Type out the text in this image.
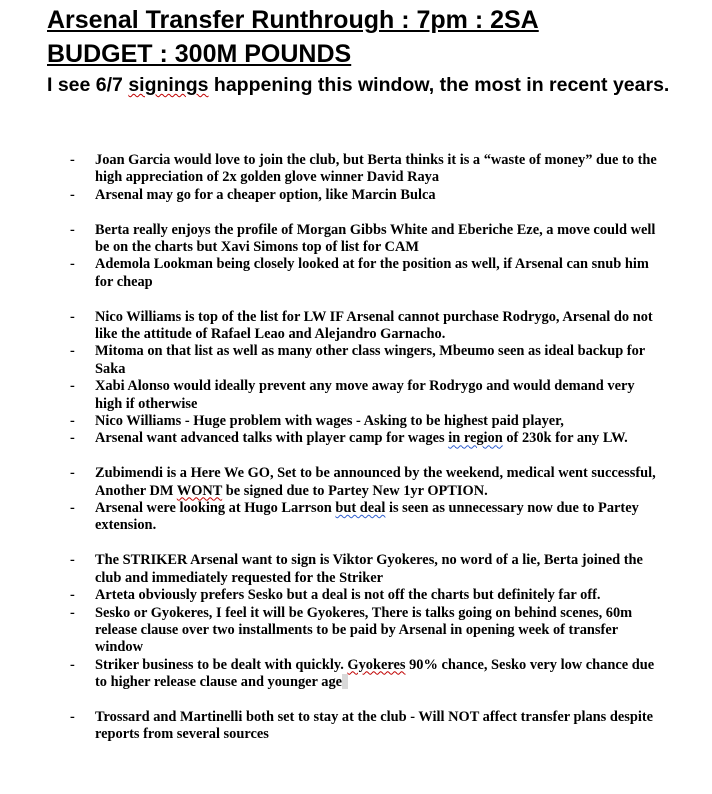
Arsenal Transfer Runthrough : 7pm : 2SA
BUDGET : 300M POUNDS

I see 6/7 signings happening this window, the most in recent years.

- Joan Garcia would love to join the club, but Berta thinks it is a “waste of money” due to the high appreciation of 2x golden glove winner David Raya
- Arsenal may go for a cheaper option, like Marcin Bulca
- Berta really enjoys the profile of Morgan Gibbs White and Eberiche Eze, a move could well be on the charts but Xavi Simons top of list for CAM
- Ademola Lookman being closely looked at for the position as well, if Arsenal can snub him for cheap
- Nico Williams is top of the list for LW IF Arsenal cannot purchase Rodrygo, Arsenal do not like the attitude of Rafael Leao and Alejandro Garnacho.
- Mitoma on that list as well as many other class wingers, Mbeumo seen as ideal backup for Saka
- Xabi Alonso would ideally prevent any move away for Rodrygo and would demand very high if otherwise
- Nico Williams - Huge problem with wages - Asking to be highest paid player,
- Arsenal want advanced talks with player camp for wages in region of 230k for any LW.
- Zubimendi is a Here We GO, Set to be announced by the weekend, medical went successful, Another DM WONT be signed due to Partey New 1yr OPTION.
- Arsenal were looking at Hugo Larrson but deal is seen as unnecessary now due to Partey extension.
- The STRIKER Arsenal want to sign is Viktor Gyokeres, no word of a lie, Berta joined the club and immediately requested for the Striker
- Arteta obviously prefers Sesko but a deal is not off the charts but definitely far off.
- Sesko or Gyokeres, I feel it will be Gyokeres, There is talks going on behind scenes, 60m release clause over two installments to be paid by Arsenal in opening week of transfer window
- Striker business to be dealt with quickly. Gyokeres 90% chance, Sesko very low chance due to higher release clause and younger age
- Trossard and Martinelli both set to stay at the club - Will NOT affect transfer plans despite reports from several sources
